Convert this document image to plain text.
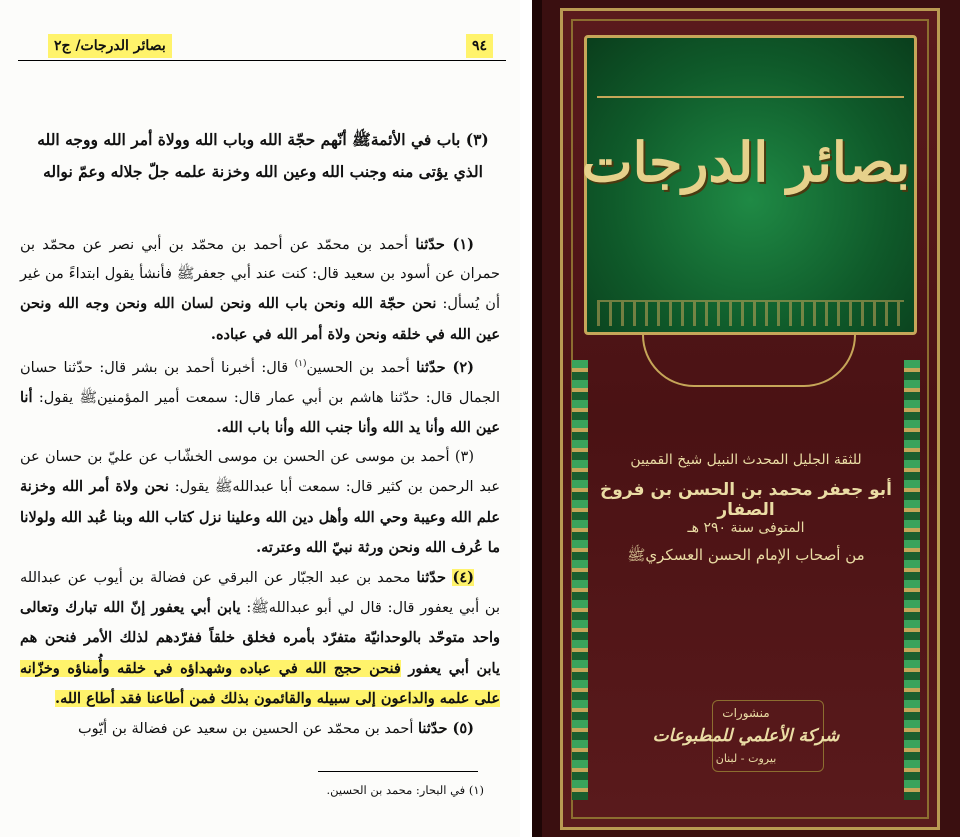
٩٤
بصائر الدرجات/ ج٢
(٣) باب في الأئمةﷺ أنّهم حجّة الله وباب الله وولاة أمر الله ووجه الله الذي يؤتى منه وجنب الله وعين الله وخزنة علمه جلّ جلاله وعمّ نواله

(١) حدّثنا أحمد بن محمّد عن أحمد بن محمّد بن أبي نصر عن محمّد بن حمران عن أسود بن سعيد قال: كنت عند أبي جعفرﷺ فأنشأ يقول ابتداءً من غير أن يُسأل: نحن حجّة الله ونحن باب الله ونحن لسان الله ونحن وجه الله ونحن عين الله في خلقه ونحن ولاة أمر الله في عباده.

(٢) حدّثنا أحمد بن الحسين$^{(١)}$ قال: أخبرنا أحمد بن بشر قال: حدّثنا حسان الجمال قال: حدّثنا هاشم بن أبي عمار قال: سمعت أمير المؤمنينﷺ يقول: أنا عين الله وأنا يد الله وأنا جنب الله وأنا باب الله.

(٣) أحمد بن موسى عن الحسن بن موسى الخشّاب عن عليّ بن حسان عن عبد الرحمن بن كثير قال: سمعت أبا عبداللهﷺ يقول: نحن ولاة أمر الله وخزنة علم الله وعيبة وحي الله وأهل دين الله وعلينا نزل كتاب الله وبنا عُبد الله ولولانا ما عُرف الله ونحن ورثة نبيّ الله وعترته.

(٤) حدّثنا محمد بن عبد الجبّار عن البرقي عن فضالة بن أيوب عن عبدالله بن أبي يعفور قال: قال لي أبو عبداللهﷺ: يابن أبي يعفور إنّ الله تبارك وتعالى واحد متوحّد بالوحدانيّة متفرّد بأمره فخلق خلقاً ففرّدهم لذلك الأمر فنحن هم يابن أبي يعفور فنحن حجج الله في عباده وشهداؤه في خلقه وأُمناؤه وخزّانه على علمه والداعون إلى سبيله والقائمون بذلك فمن أطاعنا فقد أطاع الله.

(٥) حدّثنا أحمد بن محمّد عن الحسين بن سعيد عن فضالة بن أيّوب

(١) في البحار: محمد بن الحسين.
بصائر الدرجات
للثقة الجليل المحدث النبيل شيخ القميين
أبو جعفر محمد بن الحسن بن فروخ الصفار
المتوفى سنة ٢٩٠ هـ
من أصحاب الإمام الحسن العسكريﷺ
منشورات
شركة الأعلمي للمطبوعات
بيروت - لبنان
